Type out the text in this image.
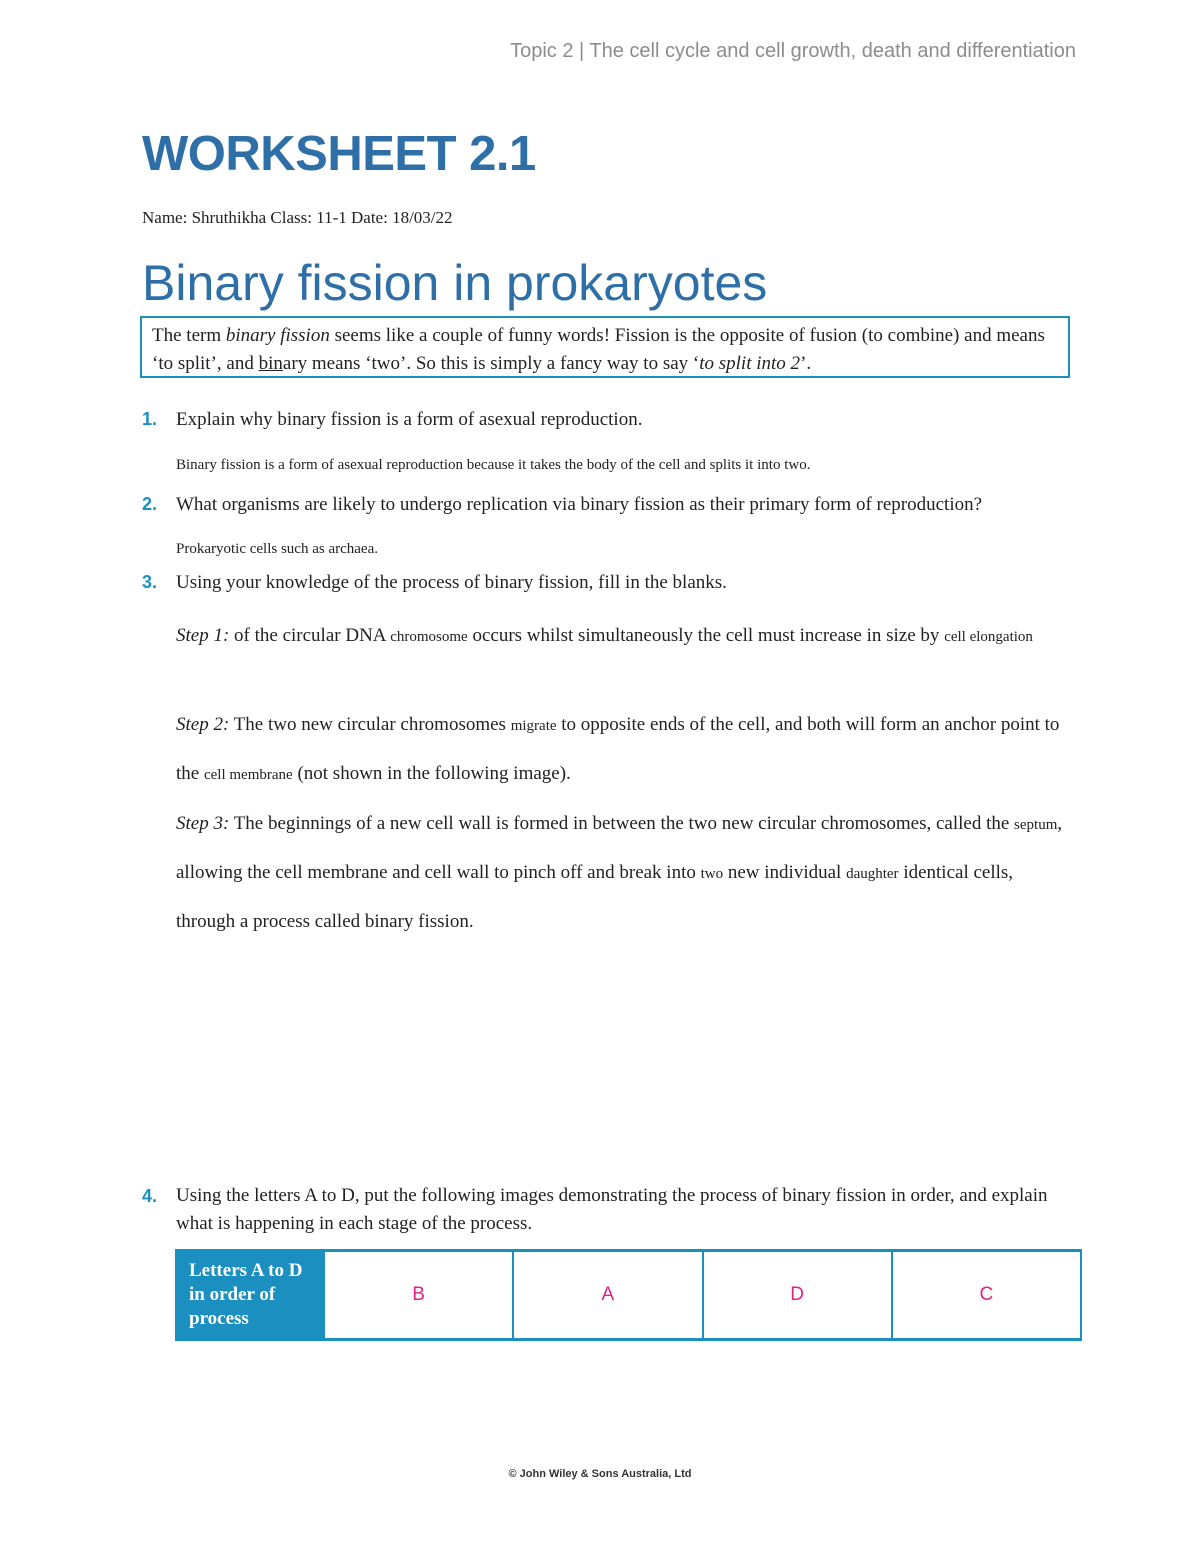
Topic 2 | The cell cycle and cell growth, death and differentiation
WORKSHEET 2.1
Name: Shruthikha Class: 11-1 Date: 18/03/22
Binary fission in prokaryotes
The term binary fission seems like a couple of funny words! Fission is the opposite of fusion (to combine) and means ‘to split’, and binary means ‘two’. So this is simply a fancy way to say ‘to split into 2’.
1. Explain why binary fission is a form of asexual reproduction.
Binary fission is a form of asexual reproduction because it takes the body of the cell and splits it into two.
2. What organisms are likely to undergo replication via binary fission as their primary form of reproduction?
Prokaryotic cells such as archaea.
3. Using your knowledge of the process of binary fission, fill in the blanks.
Step 1: of the circular DNA chromosome occurs whilst simultaneously the cell must increase in size by cell elongation
Step 2: The two new circular chromosomes migrate to opposite ends of the cell, and both will form an anchor point to the cell membrane (not shown in the following image).
Step 3: The beginnings of a new cell wall is formed in between the two new circular chromosomes, called the septum, allowing the cell membrane and cell wall to pinch off and break into two new individual daughter identical cells, through a process called binary fission.
4. Using the letters A to D, put the following images demonstrating the process of binary fission in order, and explain what is happening in each stage of the process.
Letters A to D in order of process	B	A	D	C
© John Wiley & Sons Australia, Ltd
